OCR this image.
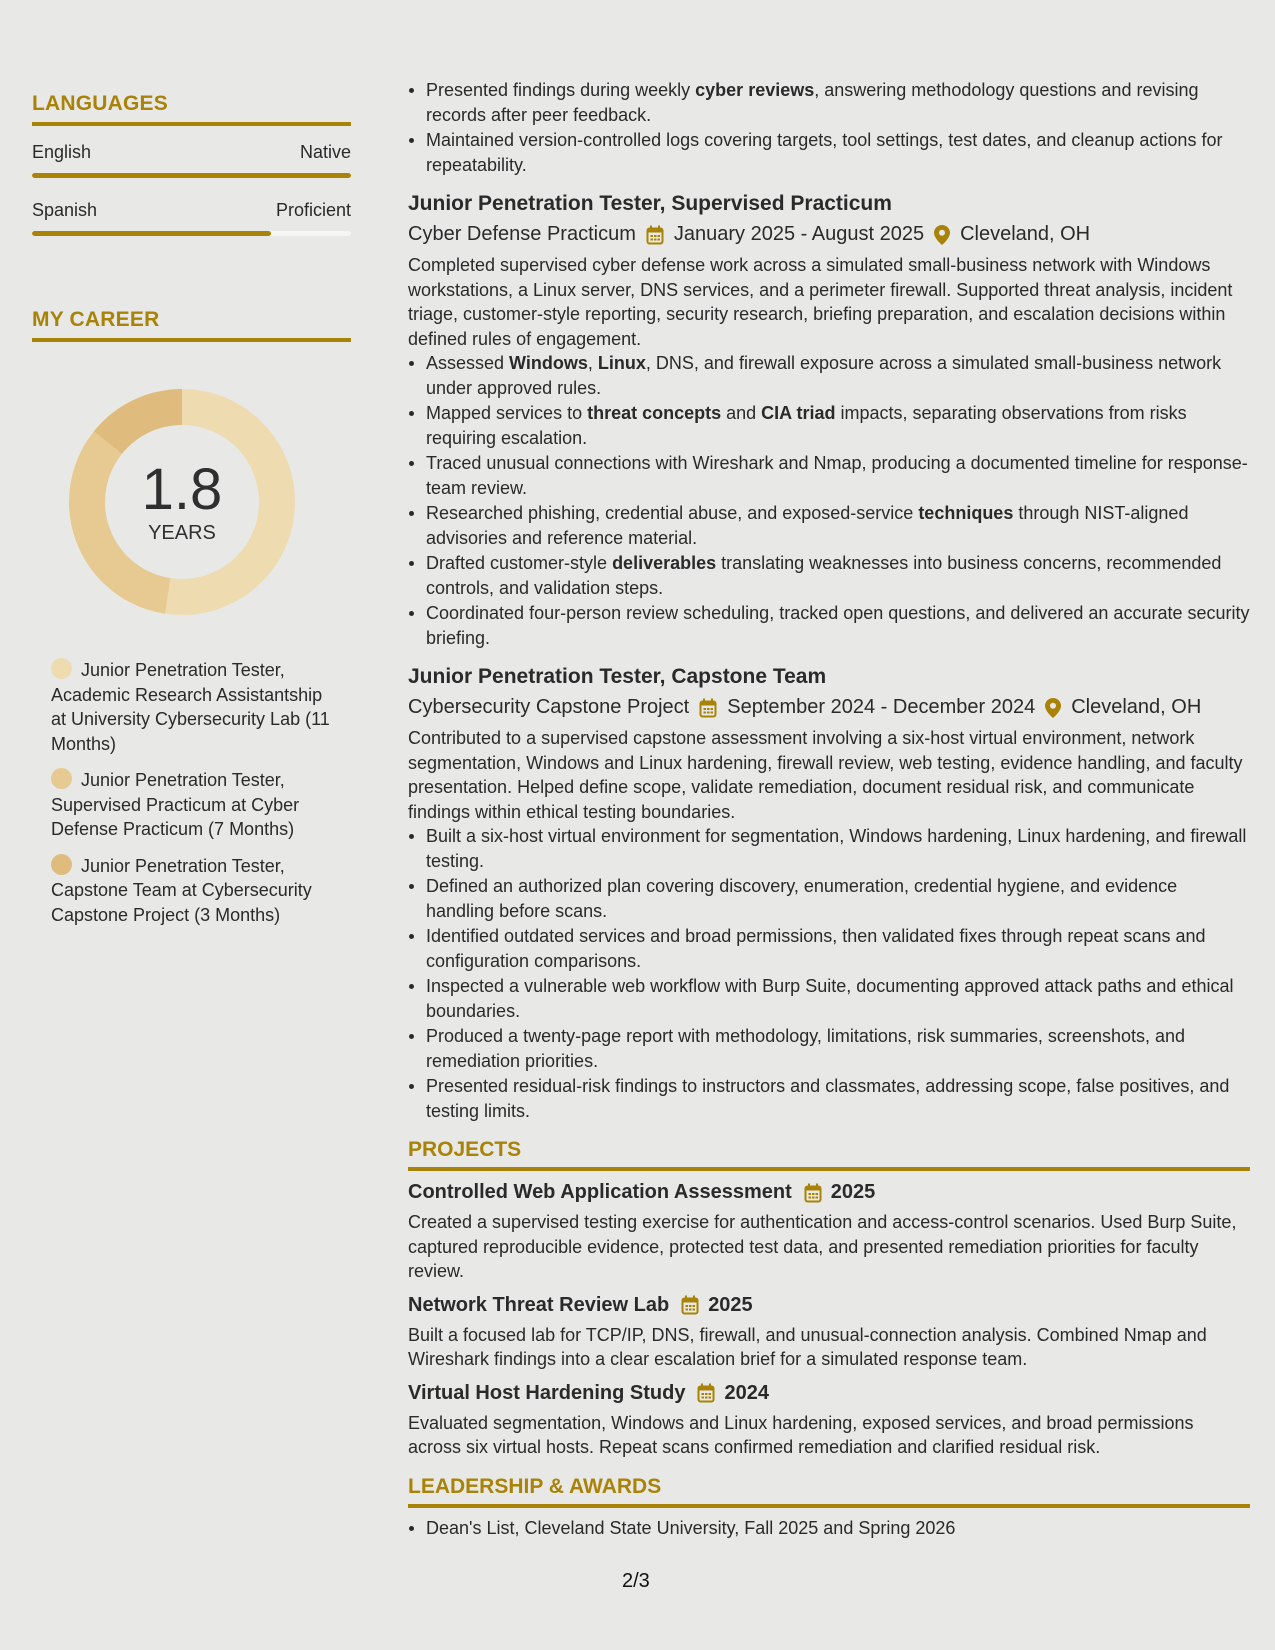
LANGUAGES
English	Native
Spanish	Proficient
MY CAREER
1.8
YEARS
Junior Penetration Tester, Academic Research Assistantship at University Cybersecurity Lab (11 Months)
Junior Penetration Tester, Supervised Practicum at Cyber Defense Practicum (7 Months)
Junior Penetration Tester, Capstone Team at Cybersecurity Capstone Project (3 Months)
Presented findings during weekly cyber reviews, answering methodology questions and revising records after peer feedback.
Maintained version-controlled logs covering targets, tool settings, test dates, and cleanup actions for repeatability.
Junior Penetration Tester, Supervised Practicum
Cyber Defense Practicum January 2025 - August 2025 Cleveland, OH
Completed supervised cyber defense work across a simulated small-business network with Windows workstations, a Linux server, DNS services, and a perimeter firewall. Supported threat analysis, incident triage, customer-style reporting, security research, briefing preparation, and escalation decisions within defined rules of engagement.
Assessed Windows, Linux, DNS, and firewall exposure across a simulated small-business network under approved rules.
Mapped services to threat concepts and CIA triad impacts, separating observations from risks requiring escalation.
Traced unusual connections with Wireshark and Nmap, producing a documented timeline for response-team review.
Researched phishing, credential abuse, and exposed-service techniques through NIST-aligned advisories and reference material.
Drafted customer-style deliverables translating weaknesses into business concerns, recommended controls, and validation steps.
Coordinated four-person review scheduling, tracked open questions, and delivered an accurate security briefing.
Junior Penetration Tester, Capstone Team
Cybersecurity Capstone Project September 2024 - December 2024 Cleveland, OH
Contributed to a supervised capstone assessment involving a six-host virtual environment, network segmentation, Windows and Linux hardening, firewall review, web testing, evidence handling, and faculty presentation. Helped define scope, validate remediation, document residual risk, and communicate findings within ethical testing boundaries.
Built a six-host virtual environment for segmentation, Windows hardening, Linux hardening, and firewall testing.
Defined an authorized plan covering discovery, enumeration, credential hygiene, and evidence handling before scans.
Identified outdated services and broad permissions, then validated fixes through repeat scans and configuration comparisons.
Inspected a vulnerable web workflow with Burp Suite, documenting approved attack paths and ethical boundaries.
Produced a twenty-page report with methodology, limitations, risk summaries, screenshots, and remediation priorities.
Presented residual-risk findings to instructors and classmates, addressing scope, false positives, and testing limits.
PROJECTS
Controlled Web Application Assessment 2025
Created a supervised testing exercise for authentication and access-control scenarios. Used Burp Suite, captured reproducible evidence, protected test data, and presented remediation priorities for faculty review.
Network Threat Review Lab 2025
Built a focused lab for TCP/IP, DNS, firewall, and unusual-connection analysis. Combined Nmap and Wireshark findings into a clear escalation brief for a simulated response team.
Virtual Host Hardening Study 2024
Evaluated segmentation, Windows and Linux hardening, exposed services, and broad permissions across six virtual hosts. Repeat scans confirmed remediation and clarified residual risk.
LEADERSHIP & AWARDS
Dean's List, Cleveland State University, Fall 2025 and Spring 2026
2/3
